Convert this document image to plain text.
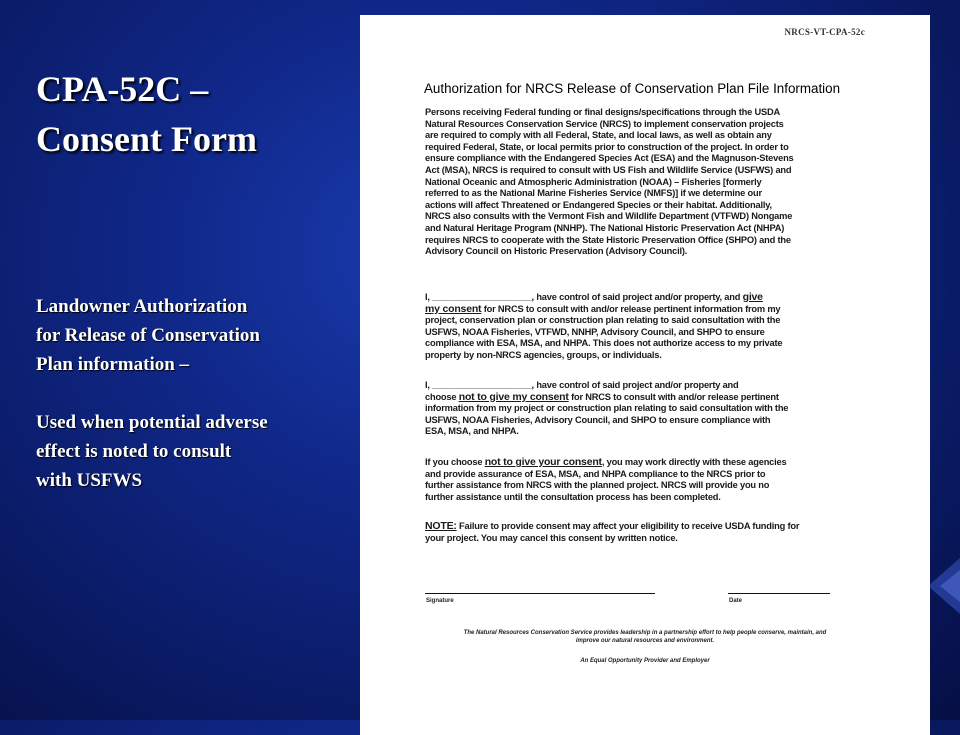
CPA-52C –
Consent Form
Landowner Authorization
for Release of Conservation
Plan information –
Used when potential adverse
effect is noted to consult
with USFWS
NRCS-VT-CPA-52c
Authorization for NRCS Release of Conservation Plan File Information
Persons receiving Federal funding or final designs/specifications through the USDA
Natural Resources Conservation Service (NRCS) to implement conservation projects
are required to comply with all Federal, State, and local laws, as well as obtain any
required Federal, State, or local permits prior to construction of the project. In order to
ensure compliance with the Endangered Species Act (ESA) and the Magnuson-Stevens
Act (MSA), NRCS is required to consult with US Fish and Wildlife Service (USFWS) and
National Oceanic and Atmospheric Administration (NOAA) – Fisheries [formerly
referred to as the National Marine Fisheries Service (NMFS)] if we determine our
actions will affect Threatened or Endangered Species or their habitat. Additionally,
NRCS also consults with the Vermont Fish and Wildlife Department (VTFWD) Nongame
and Natural Heritage Program (NNHP). The National Historic Preservation Act (NHPA)
requires NRCS to cooperate with the State Historic Preservation Office (SHPO) and the
Advisory Council on Historic Preservation (Advisory Council).
I, ____________________, have control of said project and/or property, and give
my consent for NRCS to consult with and/or release pertinent information from my
project, conservation plan or construction plan relating to said consultation with the
USFWS, NOAA Fisheries, VTFWD, NNHP, Advisory Council, and SHPO to ensure
compliance with ESA, MSA, and NHPA. This does not authorize access to my private
property by non-NRCS agencies, groups, or individuals.
I, ____________________, have control of said project and/or property and
choose not to give my consent for NRCS to consult with and/or release pertinent
information from my project or construction plan relating to said consultation with the
USFWS, NOAA Fisheries, Advisory Council, and SHPO to ensure compliance with
ESA, MSA, and NHPA.
If you choose not to give your consent, you may work directly with these agencies
and provide assurance of ESA, MSA, and NHPA compliance to the NRCS prior to
further assistance from NRCS with the planned project. NRCS will provide you no
further assistance until the consultation process has been completed.
NOTE: Failure to provide consent may affect your eligibility to receive USDA funding for
your project. You may cancel this consent by written notice.
Signature	Date
The Natural Resources Conservation Service provides leadership in a partnership effort to help people conserve, maintain, and
improve our natural resources and environment.
An Equal Opportunity Provider and Employer
